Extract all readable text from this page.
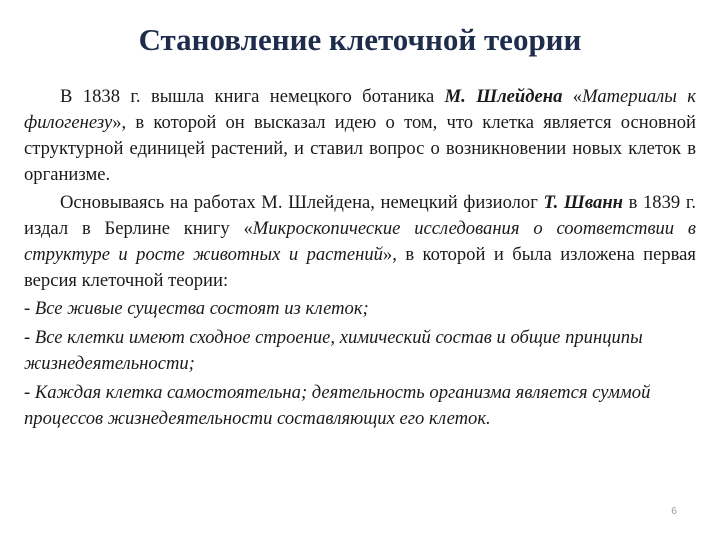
Становление клеточной теории

В 1838 г. вышла книга немецкого ботаника М. Шлейдена «Материалы к филогенезу», в которой он высказал идею о том, что клетка является основной структурной единицей растений, и ставил вопрос о возникновении новых клеток в организме.

Основываясь на работах М. Шлейдена, немецкий физиолог Т. Шванн в 1839 г. издал в Берлине книгу «Микроскопические исследования о соответствии в структуре и росте животных и растений», в которой и была изложена первая версия клеточной теории:

- Все живые существа состоят из клеток;

- Все клетки имеют сходное строение, химический состав и общие принципы жизнедеятельности;

- Каждая клетка самостоятельна; деятельность организма является суммой процессов жизнедеятельности составляющих его клеток.

6
